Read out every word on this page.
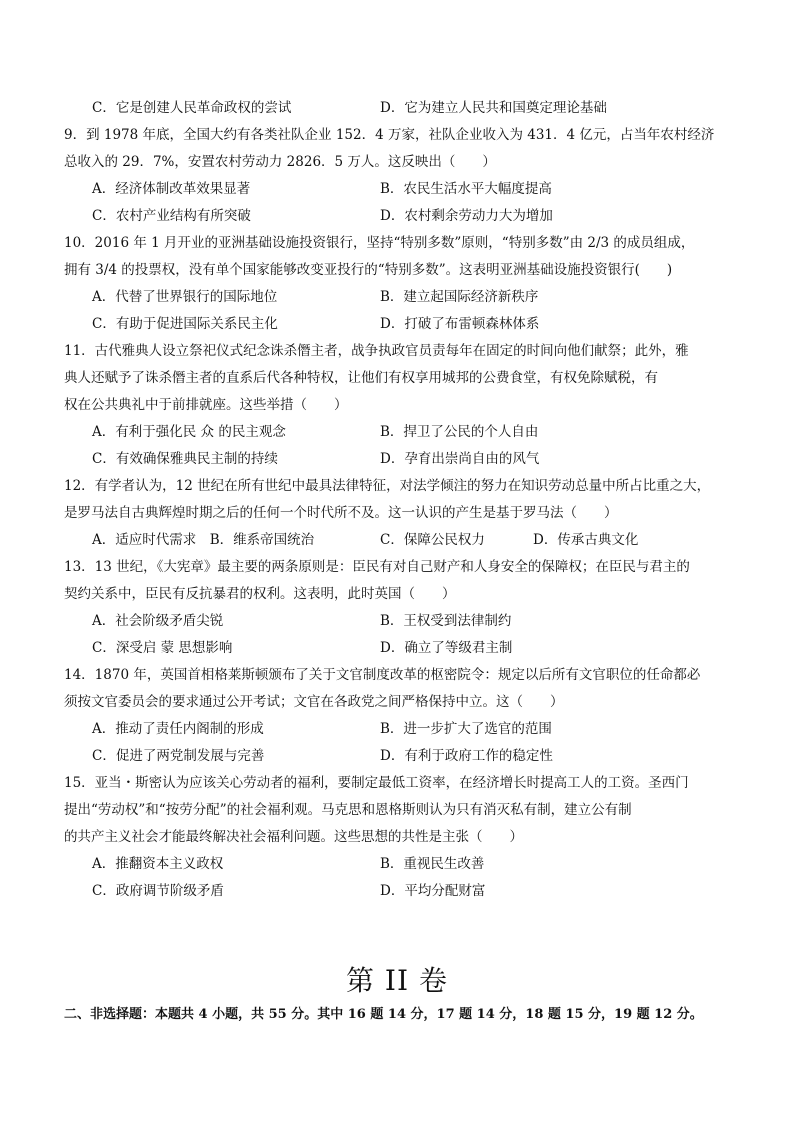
C．它是创建人民革命政权的尝试	D．它为建立人民共和国奠定理论基础
9．到 1978 年底，全国大约有各类社队企业 152．4 万家，社队企业收入为 431．4 亿元，占当年农村经济
总收入的 29．7%，安置农村劳动力 2826．5 万人。这反映出（　　）
A．经济体制改革效果显著	B．农民生活水平大幅度提高
C．农村产业结构有所突破	D．农村剩余劳动力大为增加
10．2016 年 1 月开业的亚洲基础设施投资银行，坚持“特别多数”原则，“特别多数”由 2/3 的成员组成，
拥有 3/4 的投票权，没有单个国家能够改变亚投行的“特别多数”。这表明亚洲基础设施投资银行(　　)
A．代替了世界银行的国际地位	B．建立起国际经济新秩序
C．有助于促进国际关系民主化	D．打破了布雷顿森林体系
11．古代雅典人设立祭祀仪式纪念诛杀僭主者，战争执政官员责每年在固定的时间向他们献祭；此外，雅
典人还赋予了诛杀僭主者的直系后代各种特权，让他们有权享用城邦的公费食堂，有权免除赋税，有
权在公共典礼中于前排就座。这些举措（　　）
A．有利于强化民 众 的民主观念	B．捍卫了公民的个人自由
C．有效确保雅典民主制的持续	D．孕育出崇尚自由的风气
12．有学者认为，12 世纪在所有世纪中最具法律特征，对法学倾注的努力在知识劳动总量中所占比重之大，
是罗马法自古典辉煌时期之后的任何一个时代所不及。这一认识的产生是基于罗马法（　　）
A．适应时代需求　B．维系帝国统治	C．保障公民权力	D．传承古典文化
13．13 世纪，《大宪章》最主要的两条原则是：臣民有对自己财产和人身安全的保障权；在臣民与君主的
契约关系中，臣民有反抗暴君的权利。这表明，此时英国（　　）
A．社会阶级矛盾尖锐	B．王权受到法律制约
C．深受启 蒙 思想影响	D．确立了等级君主制
14．1870 年，英国首相格莱斯顿颁布了关于文官制度改革的枢密院令：规定以后所有文官职位的任命都必
须按文官委员会的要求通过公开考试；文官在各政党之间严格保持中立。这（　　）
A．推动了责任内阁制的形成	B．进一步扩大了选官的范围
C．促进了两党制发展与完善	D．有利于政府工作的稳定性
15．亚当・斯密认为应该关心劳动者的福利，要制定最低工资率，在经济增长时提高工人的工资。圣西门
提出“劳动权”和“按劳分配”的社会福利观。马克思和恩格斯则认为只有消灭私有制，建立公有制
的共产主义社会才能最终解决社会福利问题。这些思想的共性是主张（　　）
A．推翻资本主义政权	B．重视民生改善
C．政府调节阶级矛盾	D．平均分配财富
第 II 卷
二、非选择题：本题共 4 小题，共 55 分。其中 16 题 14 分，17 题 14 分，18 题 15 分，19 题 12 分。
